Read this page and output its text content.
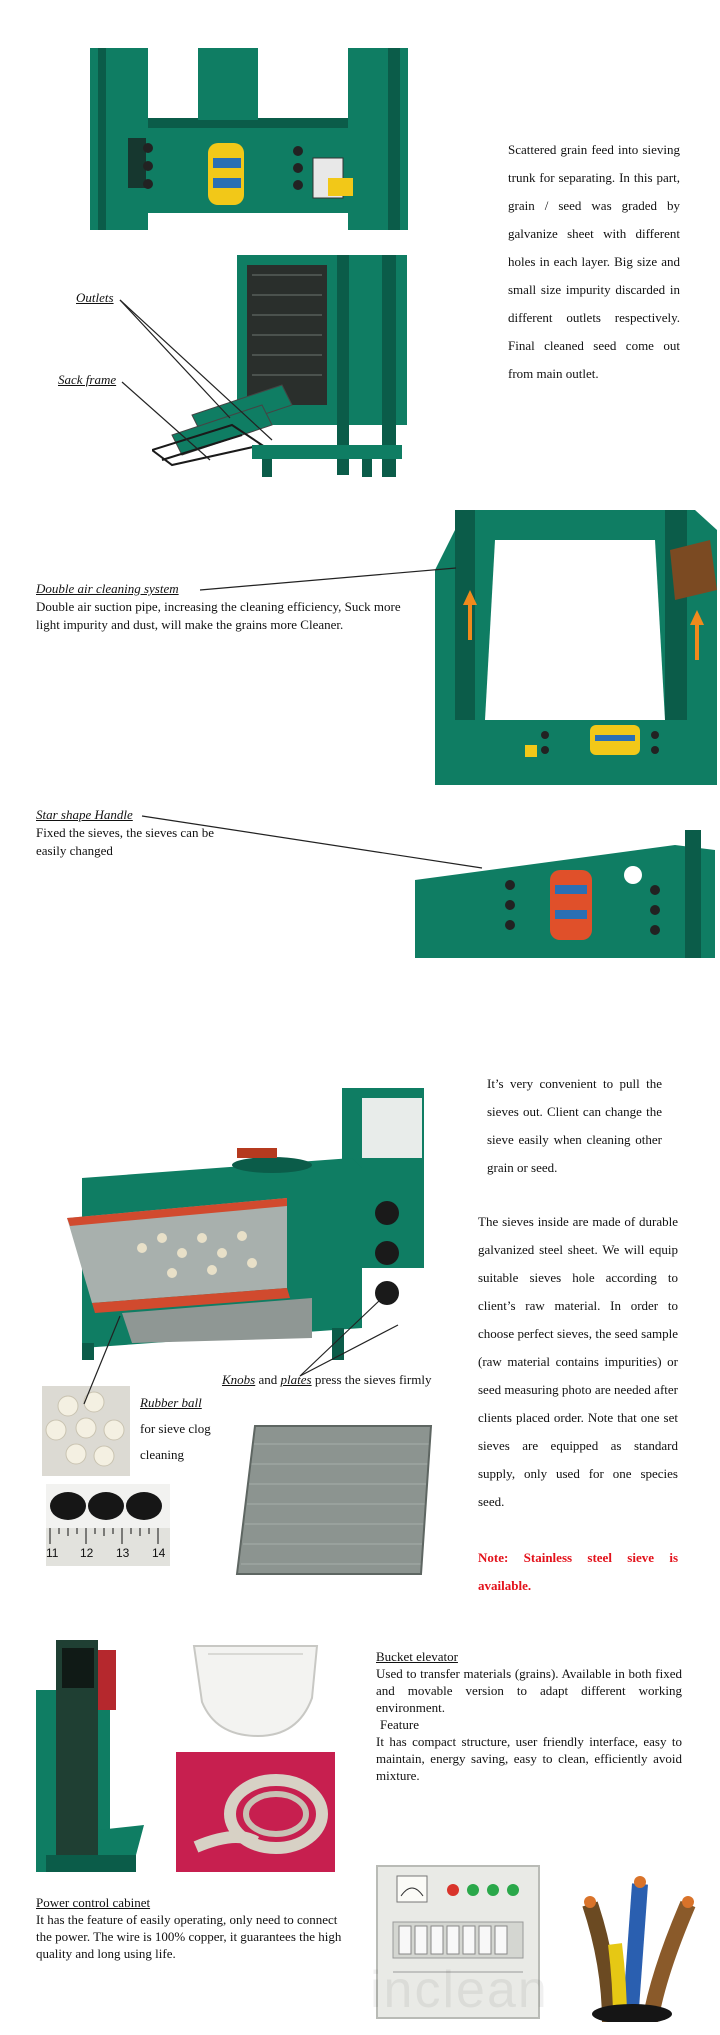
Scattered grain feed into sieving trunk for separating. In this part, grain / seed was graded by galvanize sheet with different holes in each layer. Big size and small size impurity discarded in different outlets respectively. Final cleaned seed come out from main outlet.
Outlets
Sack frame
Double air cleaning system
Double air suction pipe, increasing the cleaning efficiency, Suck more light impurity and dust, will make the grains more Cleaner.
Star shape Handle
Fixed the sieves, the sieves can be easily changed
It’s very convenient to pull the sieves out. Client can change the sieve easily when cleaning other grain or seed.
The sieves inside are made of durable galvanized steel sheet. We will equip suitable sieves hole according to client’s raw material. In order to choose perfect sieves, the seed sample (raw material contains impurities) or seed measuring photo are needed after clients placed order. Note that one set sieves are equipped as standard supply, only used for one species seed.
Note: Stainless steel sieve is available.
Knobs and plates press the sieves firmly
Rubber ball
for sieve clog cleaning
11 12 13 14
Bucket elevator
Used to transfer materials (grains). Available in both fixed and movable version to adapt different working environment.
Feature
It has compact structure, user friendly interface, easy to maintain, energy saving, easy to clean, efficiently avoid mixture.
Power control cabinet
It has the feature of easily operating, only need to connect the power. The wire is 100% copper, it guarantees the high quality and long using life.
inclean
